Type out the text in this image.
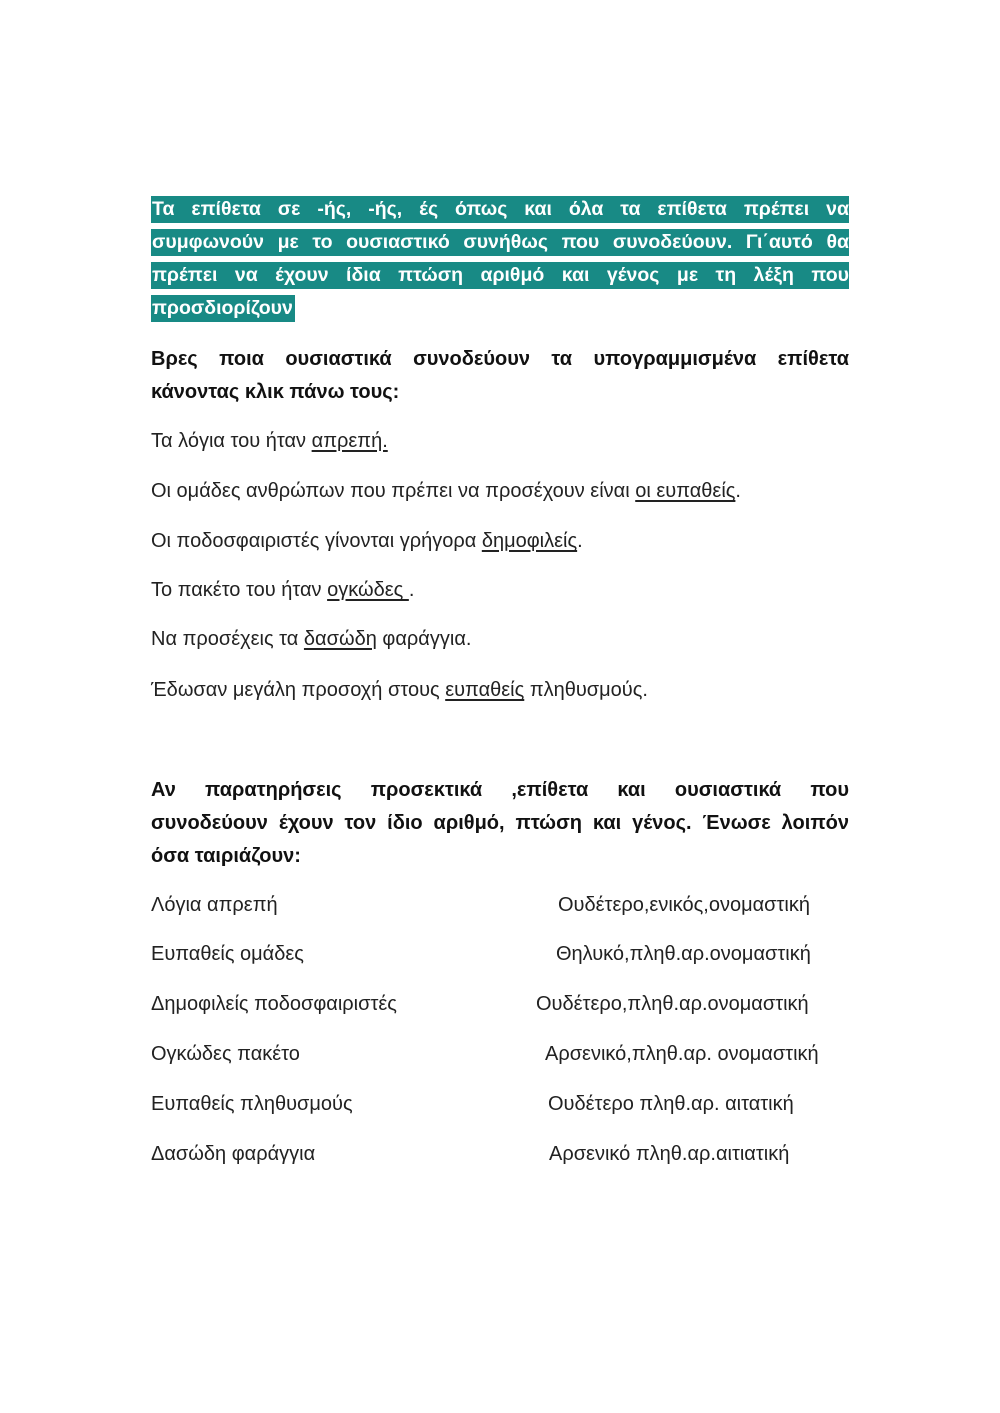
Τα επίθετα σε -ής, -ής, ές όπως και όλα τα επίθετα πρέπει να
συμφωνούν με το ουσιαστικό συνήθως που συνοδεύουν. Γι΄αυτό θα
πρέπει να έχουν ίδια πτώση αριθμό και γένος με τη λέξη που
προσδιορίζουν
Βρες ποια ουσιαστικά συνοδεύουν τα υπογραμμισμένα επίθετα
κάνοντας κλικ πάνω τους:
Τα λόγια του ήταν απρεπή.
Οι ομάδες ανθρώπων που πρέπει να προσέχουν είναι οι ευπαθείς.
Οι ποδοσφαιριστές γίνονται γρήγορα δημοφιλείς.
Το πακέτο του ήταν ογκώδες .
Να προσέχεις τα δασώδη φαράγγια.
Έδωσαν μεγάλη προσοχή στους ευπαθείς πληθυσμούς.
Αν παρατηρήσεις προσεκτικά ,επίθετα και ουσιαστικά που
συνοδεύουν έχουν τον ίδιο αριθμό, πτώση και γένος. Ένωσε λοιπόν
όσα ταιριάζουν:
Λόγια απρεπή
Ευπαθείς ομάδες
Δημοφιλείς ποδοσφαιριστές
Ογκώδες πακέτο
Ευπαθείς πληθυσμούς
Δασώδη φαράγγια
Ουδέτερο,ενικός,ονομαστική
Θηλυκό,πληθ.αρ.ονομαστική
Ουδέτερο,πληθ.αρ.ονομαστική
Αρσενικό,πληθ.αρ. ονομαστική
Ουδέτερο πληθ.αρ. αιτατική
Αρσενικό πληθ.αρ.αιτιατική
